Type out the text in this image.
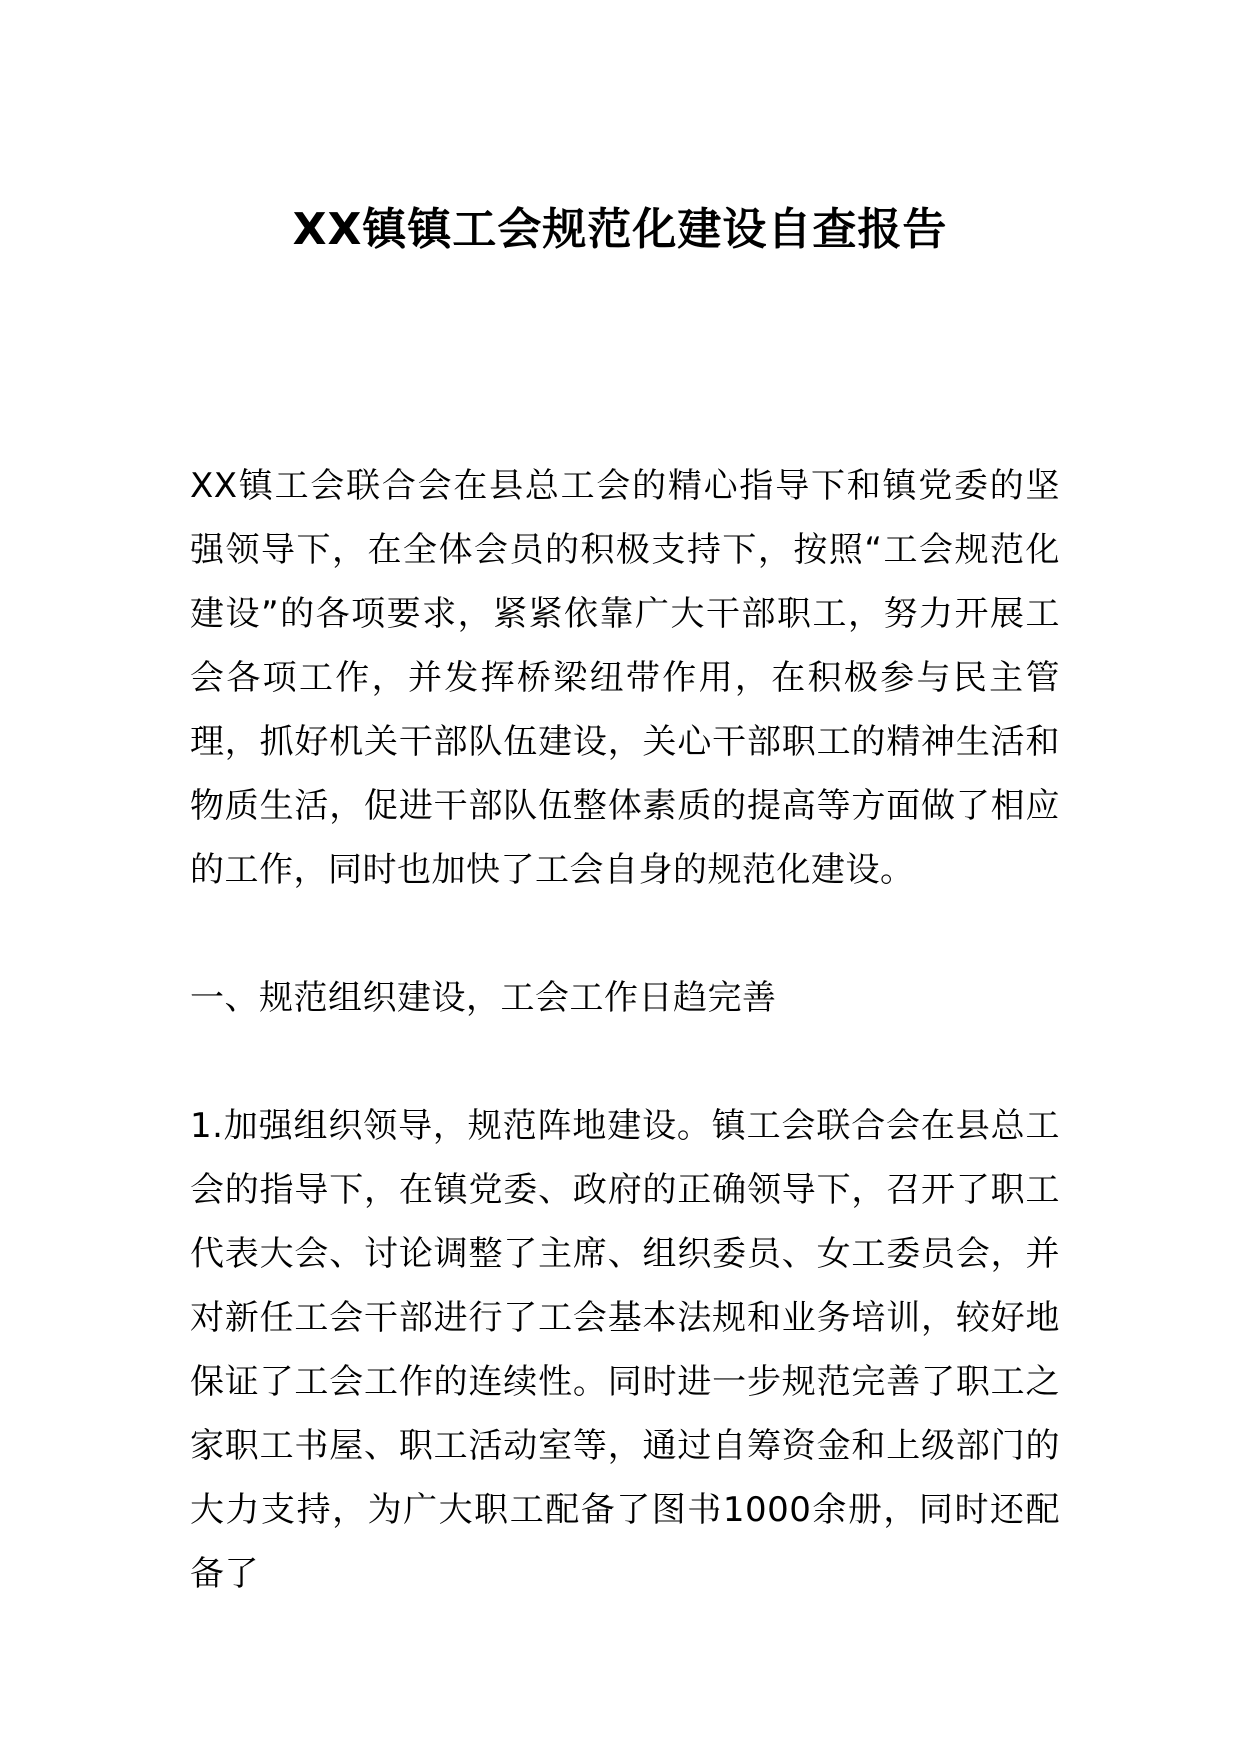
XX镇镇工会规范化建设自查报告

XX镇工会联合会在县总工会的精心指导下和镇党委的坚强领导下，在全体会员的积极支持下，按照“工会规范化建设”的各项要求，紧紧依靠广大干部职工，努力开展工会各项工作，并发挥桥梁纽带作用，在积极参与民主管理，抓好机关干部队伍建设，关心干部职工的精神生活和物质生活，促进干部队伍整体素质的提高等方面做了相应的工作，同时也加快了工会自身的规范化建设。

一、规范组织建设，工会工作日趋完善

1.加强组织领导，规范阵地建设。镇工会联合会在县总工会的指导下，在镇党委、政府的正确领导下，召开了职工代表大会、讨论调整了主席、组织委员、女工委员会，并对新任工会干部进行了工会基本法规和业务培训，较好地保证了工会工作的连续性。同时进一步规范完善了职工之家职工书屋、职工活动室等，通过自筹资金和上级部门的大力支持，为广大职工配备了图书1000余册，同时还配备了
